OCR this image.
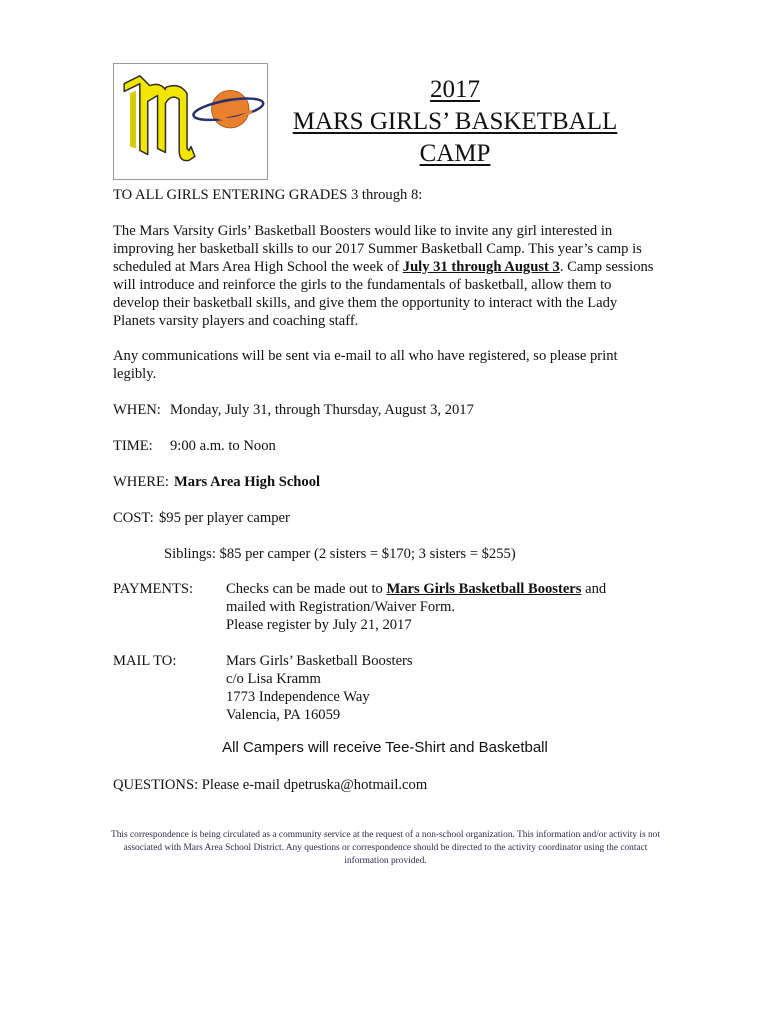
2017
MARS GIRLS’ BASKETBALL
CAMP

TO ALL GIRLS ENTERING GRADES 3 through 8:

The Mars Varsity Girls’ Basketball Boosters would like to invite any girl interested in improving her basketball skills to our 2017 Summer Basketball Camp. This year’s camp is scheduled at Mars Area High School the week of July 31 through August 3. Camp sessions will introduce and reinforce the girls to the fundamentals of basketball, allow them to develop their basketball skills, and give them the opportunity to interact with the Lady Planets varsity players and coaching staff.

Any communications will be sent via e-mail to all who have registered, so please print legibly.

WHEN: Monday, July 31, through Thursday, August 3, 2017
TIME: 9:00 a.m. to Noon
WHERE: Mars Area High School
COST: $95 per player camper
Siblings: $85 per camper (2 sisters = $170; 3 sisters = $255)
PAYMENTS: Checks can be made out to Mars Girls Basketball Boosters and
mailed with Registration/Waiver Form.
Please register by July 21, 2017
MAIL TO:	Mars Girls’ Basketball Boosters
c/o Lisa Kramm
1773 Independence Way
Valencia, PA 16059
All Campers will receive Tee-Shirt and Basketball
QUESTIONS: Please e-mail dpetruska@hotmail.com
This correspondence is being circulated as a community service at the request of a non-school organization. This information and/or activity is not associated with Mars Area School District. Any questions or correspondence should be directed to the activity coordinator using the contact information provided.
